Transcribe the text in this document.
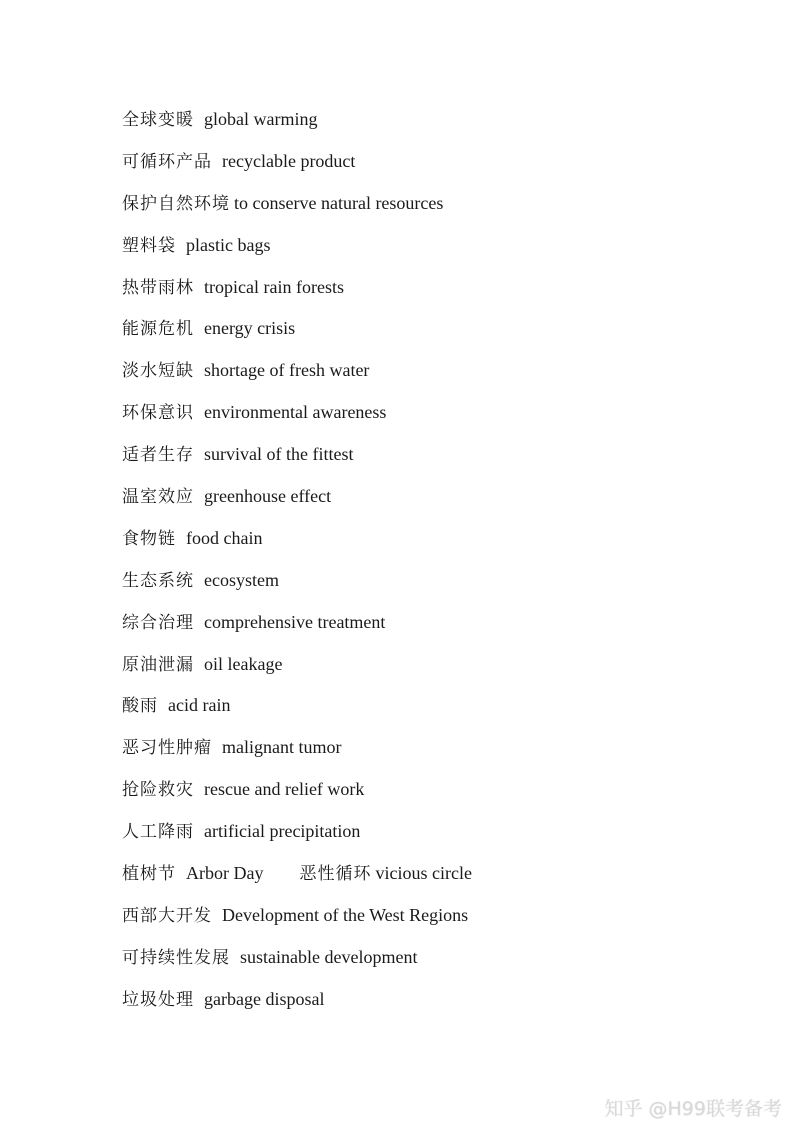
全球变暖 global warming
可循环产品 recyclable product
保护自然环境 to conserve natural resources
塑料袋 plastic bags
热带雨林 tropical rain forests
能源危机 energy crisis
淡水短缺 shortage of fresh water
环保意识 environmental awareness
适者生存 survival of the fittest
温室效应 greenhouse effect
食物链 food chain
生态系统 ecosystem
综合治理 comprehensive treatment
原油泄漏 oil leakage
酸雨 acid rain
恶习性肿瘤 malignant tumor
抢险救灾 rescue and relief work
人工降雨 artificial precipitation
植树节 Arbor Day 恶性循环 vicious circle
西部大开发 Development of the West Regions
可持续性发展 sustainable development
垃圾处理 garbage disposal
知乎 @H99联考备考
